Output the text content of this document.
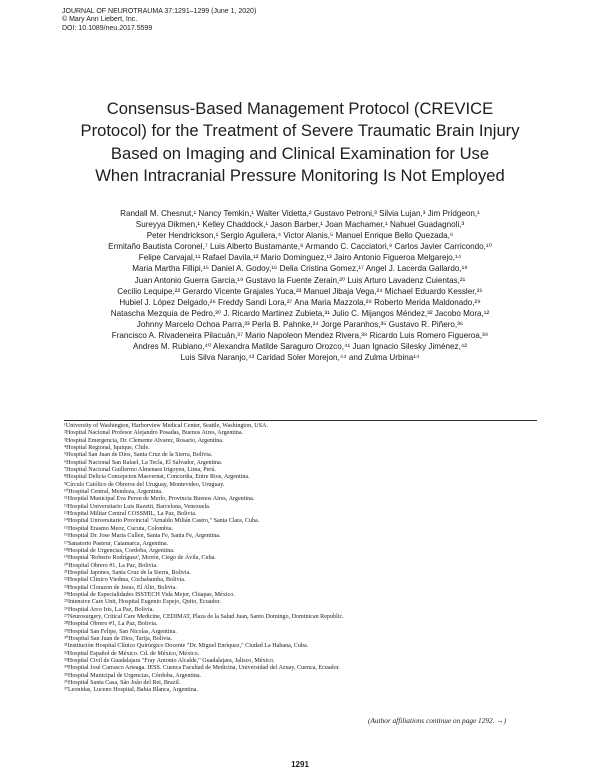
JOURNAL OF NEUROTRAUMA 37:1291–1299 (June 1, 2020)
© Mary Ann Liebert, Inc.
DOI: 10.1089/neu.2017.5599
Consensus-Based Management Protocol (CREVICE
Protocol) for the Treatment of Severe Traumatic Brain Injury
Based on Imaging and Clinical Examination for Use
When Intracranial Pressure Monitoring Is Not Employed
Randall M. Chesnut,¹ Nancy Temkin,¹ Walter Videtta,² Gustavo Petroni,³ Silvia Lujan,³ Jim Pridgeon,¹
Sureyya Dikmen,¹ Kelley Chaddock,¹ Jason Barber,¹ Joan Machamer,¹ Nahuel Guadagnoli,³
Peter Hendrickson,¹ Sergio Aguilera,⁴ Victor Alanis,⁵ Manuel Enrique Bello Quezada,⁶
Ermitaño Bautista Coronel,⁷ Luis Alberto Bustamante,⁸ Armando C. Cacciatori,⁹ Carlos Javier Carricondo,¹⁰
Felipe Carvajal,¹¹ Rafael Davila,¹² Mario Dominguez,¹³ Jairo Antonio Figueroa Melgarejo,¹⁴
Maria Martha Fillipi,¹⁵ Daniel A. Godoy,¹⁶ Delia Cristina Gomez,¹⁷ Angel J. Lacerda Gallardo,¹⁸
Juan Antonio Guerra Garcia,¹⁹ Gustavo la Fuente Zerain,²⁰ Luis Arturo Lavadenz Cuientas,²¹
Cecilio Lequipe,²² Gerardo Vicente Grajales Yuca,²³ Manuel Jibaja Vega,²⁴ Michael Eduardo Kessler,²⁵
Hubiel J. López Delgado,²⁶ Freddy Sandi Lora,²⁷ Ana Maria Mazzola,²⁸ Roberto Merida Maldonado,²⁹
Natascha Mezquia de Pedro,³⁰ J. Ricardo Martinez Zubieta,³¹ Julio C. Mijangos Méndez,³² Jacobo Mora,¹²
Johnny Marcelo Ochoa Parra,³³ Perla B. Pahnke,³⁴ Jorge Paranhos,³⁵ Gustavo R. Piñero,³⁶
Francisco A. Rivadeneira Pilacuán,³⁷ Mario Napoleon Mendez Rivera,³⁸ Ricardo Luis Romero Figueroa,³⁹
Andres M. Rubiano,⁴⁰ Alexandra Matilde Saraguro Orozco,⁴¹ Juan Ignacio Silesky Jiménez,⁴²
Luis Silva Naranjo,⁴³ Caridad Soler Morejon,⁴⁴ and Zulma Urbina¹⁴
¹University of Washington, Harborview Medical Center, Seattle, Washington, USA.
²Hospital Nacional Profesor Alejandro Posadas, Buenos Aires, Argentina.
³Hospital Emergencia, Dr. Clemente Alvarez, Rosario, Argentina.
⁴Hospital Regional, Iquique, Chile.
⁵Hospital San Juan de Dios, Santa Cruz de la Sierra, Bolivia.
⁶Hospital Nacional San Rafael, La Tecla, El Salvador, Argentina.
⁷Hospital Nacional Guillermo Almenara Irigoyen, Lima, Perú.
⁸Hospital Delicia Concepcion Masvernat, Concordia, Entre Rios, Argentina.
⁹Círculo Católico de Obreros del Uruguay, Montevideo, Uruguay.
¹⁰Hospital Central, Mendoza, Argentina.
¹¹Hospital Municipal Eva Peron de Merlo, Provincia Buenos Aires, Argentina.
¹²Hospital Universitario Luis Razetti, Barcelona, Venezuela.
¹³Hospital Militar Central COSSMIL, La Paz, Bolivia.
¹⁴Hospital Universitario Provincial "Arnaldo Milián Castro," Santa Clara, Cuba.
¹⁵Hospital Erasmo Meoz, Cucuta, Colombia.
¹⁶Hospital Dr. Jose Maria Cullen, Santa Fe, Santa Fe, Argentina.
¹⁷Sanatorio Pasteur, Catamarca, Argentina.
¹⁸Hospital de Urgencias, Cordoba, Argentina.
¹⁹Hospital 'Roberto Rodríguez', Morón, Ciego de Ávila, Cuba.
²⁰Hospital Obrero #1, La Paz, Bolivia.
²¹Hospital Japones, Santa Cruz de la Sierra, Bolivia.
²²Hospital Clinico Viedma, Cochabamba, Bolivia.
²³Hospital Clorazon de Jesus, El Alto, Bolivia.
²⁴Hospital de Especialidades ISSTECH Vida Mejor, Chiapas, México.
²⁵Intensive Care Unit, Hospital Eugenio Espejo, Quito, Ecuador.
²⁶Hospital Arco Iris, La Paz, Bolivia.
²⁷Neurosurgery, Critical Care Medicine, CEDIMAT, Plaza de la Salud Juan, Santo Domingo, Dominican Republic.
²⁸Hospital Obrero #1, La Paz, Bolivia.
²⁹Hospital San Felipe, San Nicolas, Argentina.
³⁰Hospital San Juan de Dios, Tarija, Bolivia.
³¹Institución Hospital Clínico Quirúrgico Docente "Dr. Miguel Enríquez," Ciudad La Habana, Cuba.
³²Hospital Español de México. Cd. de México, México.
³³Hospital Civil de Guadalajara "Fray Antonio Alcalde," Guadalajara, Jalisco, México.
³⁴Hospital José Carrasco Arteaga. IESS. Cuenca Facultad de Medicina, Universidad del Azuay, Cuenca, Ecuador.
³⁵Hospital Municipal de Urgencias, Córdoba, Argentina.
³⁶Hospital Santa Casa, São João del Rei, Brazil.
³⁷Leonidas, Luceno Hospital, Bahia Blanca, Argentina.
(Author affiliations continue on page 1292. →)
1291
